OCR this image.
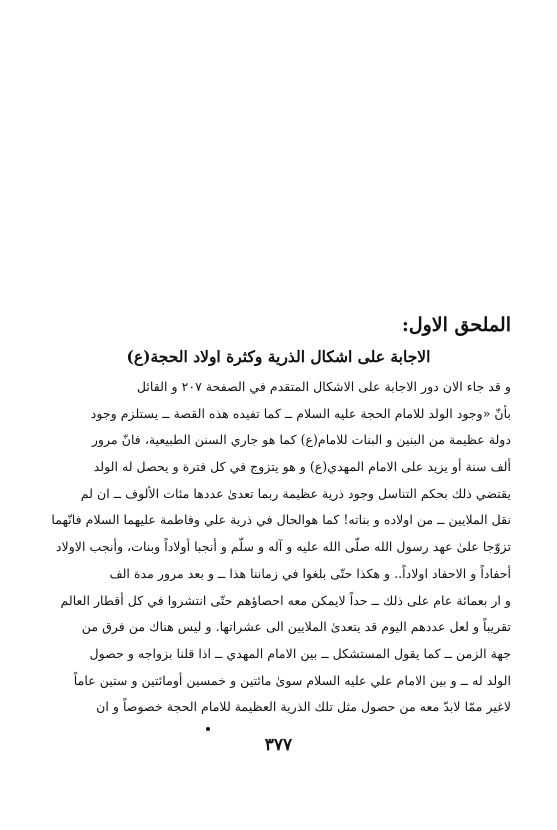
الملحق الاول:
الاجابة على اشكال الذرية وكثرة اولاد الحجة(ع)
و قد جاء الان دور الاجابة على الاشكال المتقدم في الصفحة ٢٠٧ و القائل
بأنّ «وجود الولد للامام الحجة عليه السلام ــ كما تفيده هذه القصة ــ يستلزم وجود
دولة عظيمة من البنين و البنات للامام(ع) كما هو جاري السنن الطبيعية، فانّ مرور
ألف سنة أو يزيد على الامام المهدي(ع) و هو يتزوج في كل فترة و يحصل له الولد
يقتضي ذلك بحكم التناسل وجود ذرية عظيمة ربما تعدىٰ عددها مئات الألوف ــ ان لم
نقل الملايين ــ من اولاده و بناته! كما هوالحال في ذرية علي وفاطمة عليهما السلام فانّهما
تزوّجا علىٰ عهد رسول الله صلّى الله عليه و آله و سلّم و أنجبا أولاداً وبنات، وأنجب الاولاد
أحفاداً و الاحفاد اولاداً.. و هكذا حتّى بلغوا في زماننا هذا ــ و بعد مرور مدة الف
و ار بعمائة عام على ذلك ــ حداً لايمكن معه احصاؤهم حتّى انتشروا في كل أقطار العالم
تقريباً و لعل عددهم اليوم قد يتعدىٰ الملايين الى عشراتها. و ليس هناك من فرق من
جهة الزمن ــ كما يقول المستشكل ــ بين الامام المهدي ــ اذا قلنا بزواجه و حصول
الولد له ــ و بين الامام علي عليه السلام سوىٰ مائتين و خمسين أومائتين و ستين عاماً
لاغير ممّا لابدّ معه من حصول مثل تلك الذرية العظيمة للامام الحجة خصوصاً و ان
٣٧٧
